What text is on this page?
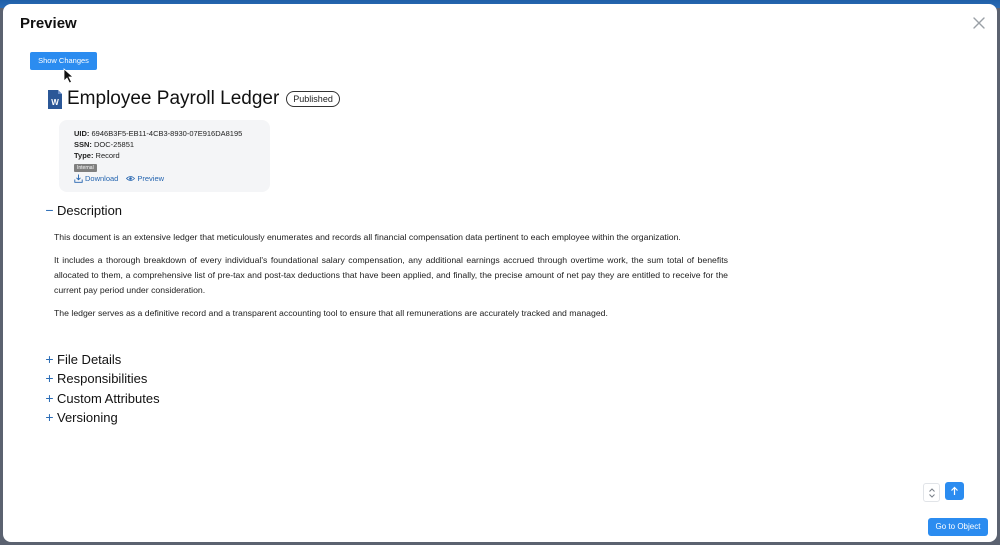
Preview
Show Changes
W Employee Payroll Ledger	Published
UID: 6946B3F5-EB11-4CB3-8930-07E916DA8195
SSN: DOC-25851
Type: Record
Internal
Download	Preview
− Description

This document is an extensive ledger that meticulously enumerates and records all financial compensation data pertinent to each employee within the organization.

It includes a thorough breakdown of every individual's foundational salary compensation, any additional earnings accrued through overtime work, the sum total of benefits allocated to them, a comprehensive list of pre-tax and post-tax deductions that have been applied, and finally, the precise amount of net pay they are entitled to receive for the current pay period under consideration.

The ledger serves as a definitive record and a transparent accounting tool to ensure that all remunerations are accurately tracked and managed.

+ File Details
+ Responsibilities
+ Custom Attributes
+ Versioning
Go to Object
